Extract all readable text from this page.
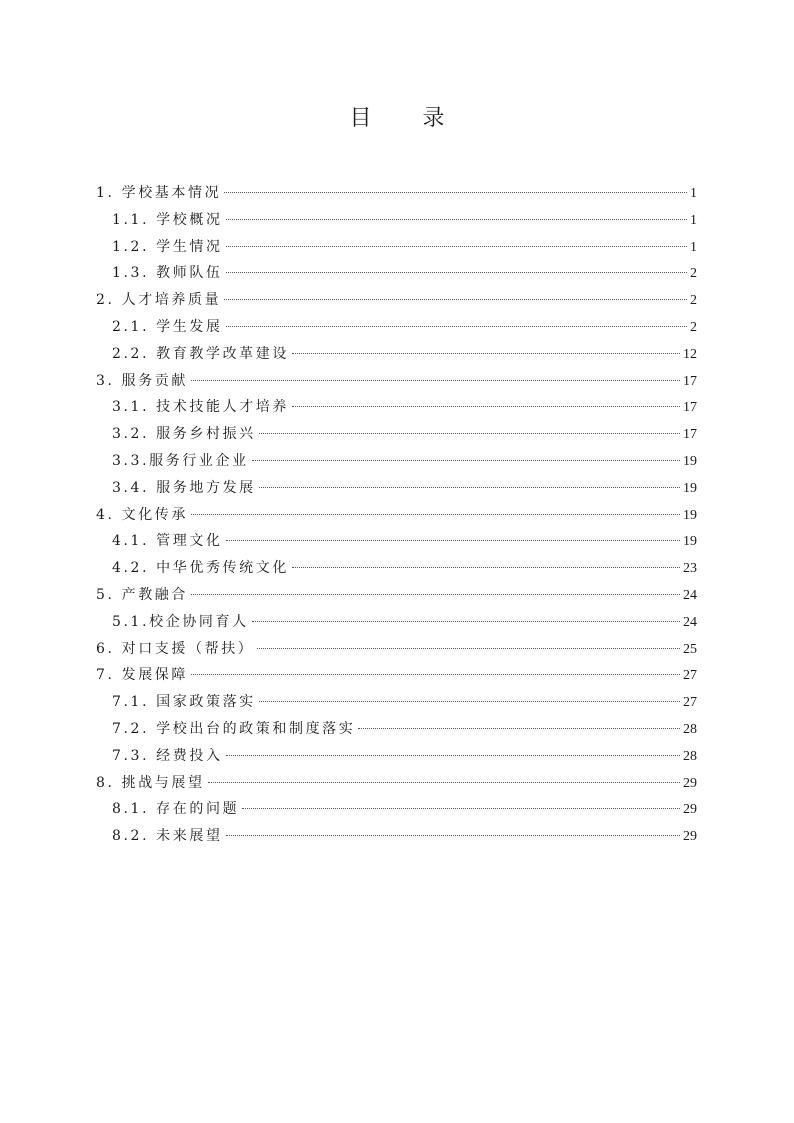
目 录
1. 学校基本情况	1
1.1. 学校概况	1
1.2. 学生情况	1
1.3. 教师队伍	2
2. 人才培养质量	2
2.1. 学生发展	2
2.2. 教育教学改革建设	12
3. 服务贡献	17
3.1. 技术技能人才培养	17
3.2. 服务乡村振兴	17
3.3.服务行业企业	19
3.4. 服务地方发展	19
4. 文化传承	19
4.1. 管理文化	19
4.2. 中华优秀传统文化	23
5. 产教融合	24
5.1.校企协同育人	24
6. 对口支援（帮扶）	25
7. 发展保障	27
7.1. 国家政策落实	27
7.2. 学校出台的政策和制度落实	28
7.3. 经费投入	28
8. 挑战与展望	29
8.1. 存在的问题	29
8.2. 未来展望	29
